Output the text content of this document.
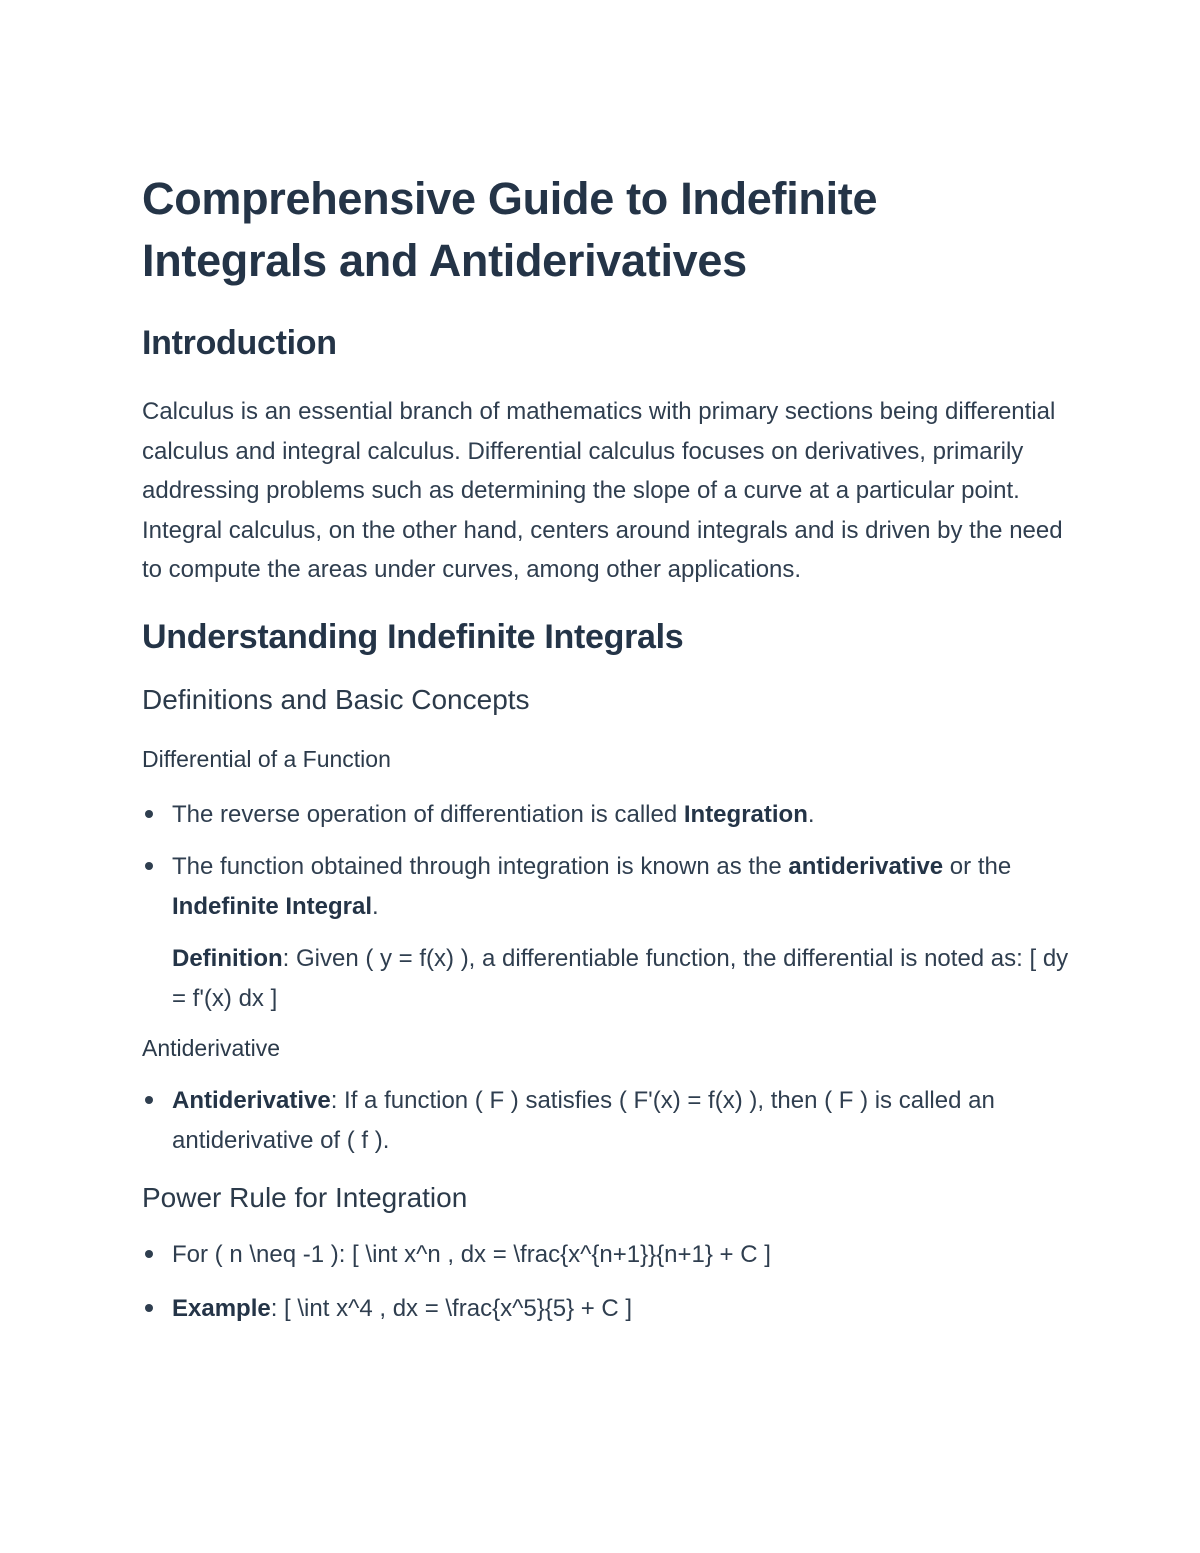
Comprehensive Guide to Indefinite Integrals and Antiderivatives
Introduction

Calculus is an essential branch of mathematics with primary sections being differential calculus and integral calculus. Differential calculus focuses on derivatives, primarily addressing problems such as determining the slope of a curve at a particular point. Integral calculus, on the other hand, centers around integrals and is driven by the need to compute the areas under curves, among other applications.

Understanding Indefinite Integrals
Definitions and Basic Concepts
Differential of a Function
The reverse operation of differentiation is called Integration.
The function obtained through integration is known as the antiderivative or the Indefinite Integral.

Definition: Given ( y = f(x) ), a differentiable function, the differential is noted as: [ dy = f'(x) dx ]

Antiderivative
Antiderivative: If a function ( F ) satisfies ( F'(x) = f(x) ), then ( F ) is called an antiderivative of ( f ).
Power Rule for Integration
For ( n \neq -1 ): [ \int x^n , dx = \frac{x^{n+1}}{n+1} + C ]
Example: [ \int x^4 , dx = \frac{x^5}{5} + C ]
